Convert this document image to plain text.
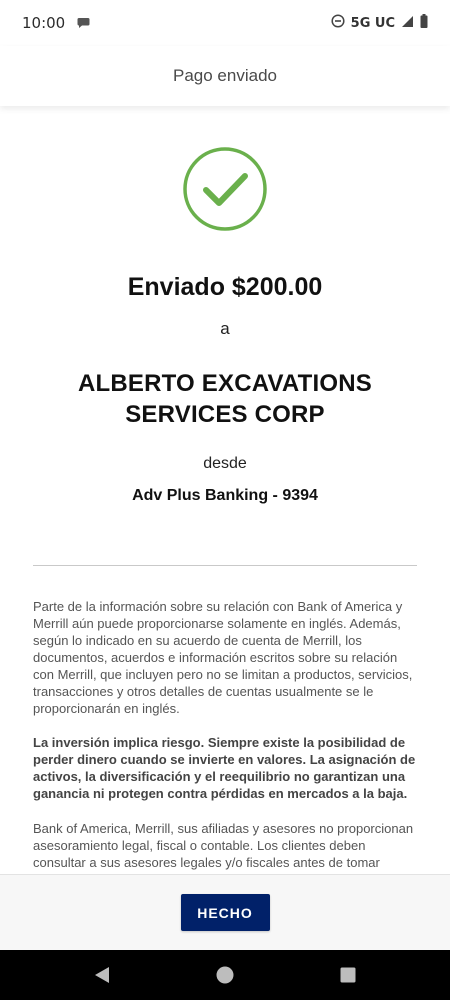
10:00	5G UC
Pago enviado
Enviado $200.00
a
ALBERTO EXCAVATIONS SERVICES CORP
desde
Adv Plus Banking - 9394

Parte de la información sobre su relación con Bank of America y Merrill aún puede proporcionarse solamente en inglés. Además, según lo indicado en su acuerdo de cuenta de Merrill, los documentos, acuerdos e información escritos sobre su relación con Merrill, que incluyen pero no se limitan a productos, servicios, transacciones y otros detalles de cuentas usualmente se le proporcionarán en inglés.

La inversión implica riesgo. Siempre existe la posibilidad de perder dinero cuando se invierte en valores. La asignación de activos, la diversificación y el reequilibrio no garantizan una ganancia ni protegen contra pérdidas en mercados a la baja.

Bank of America, Merrill, sus afiliadas y asesores no proporcionan asesoramiento legal, fiscal o contable. Los clientes deben consultar a sus asesores legales y/o fiscales antes de tomar

HECHO
